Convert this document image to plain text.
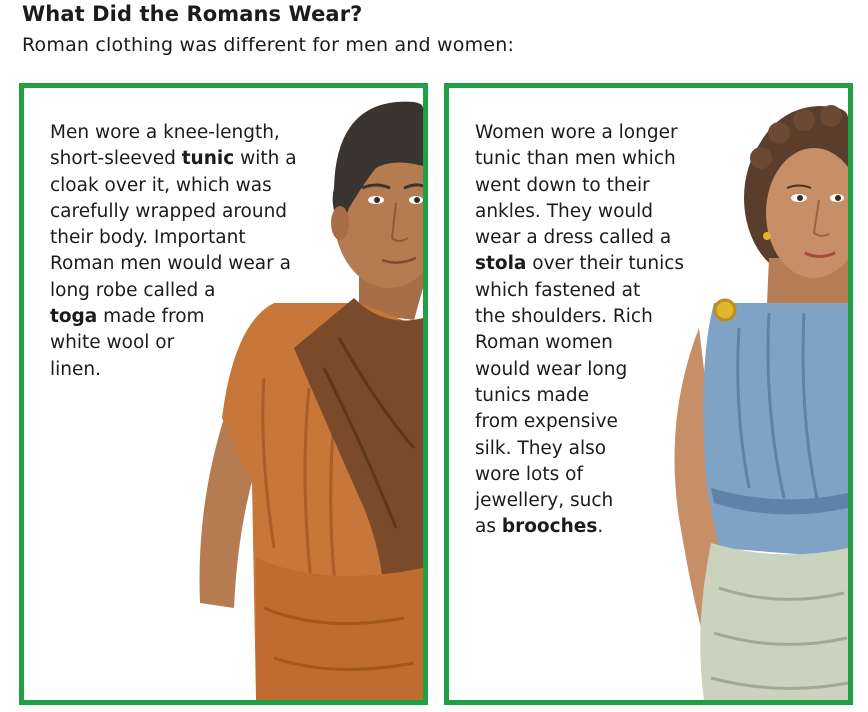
What Did the Romans Wear?
Roman clothing was different for men and women:
Men wore a knee-length,
short-sleeved tunic with a
cloak over it, which was
carefully wrapped around
their body. Important
Roman men would wear a
long robe called a
toga made from
white wool or
linen.
Women wore a longer
tunic than men which
went down to their
ankles. They would
wear a dress called a
stola over their tunics
which fastened at
the shoulders. Rich
Roman women
would wear long
tunics made
from expensive
silk. They also
wore lots of
jewellery, such
as brooches.
